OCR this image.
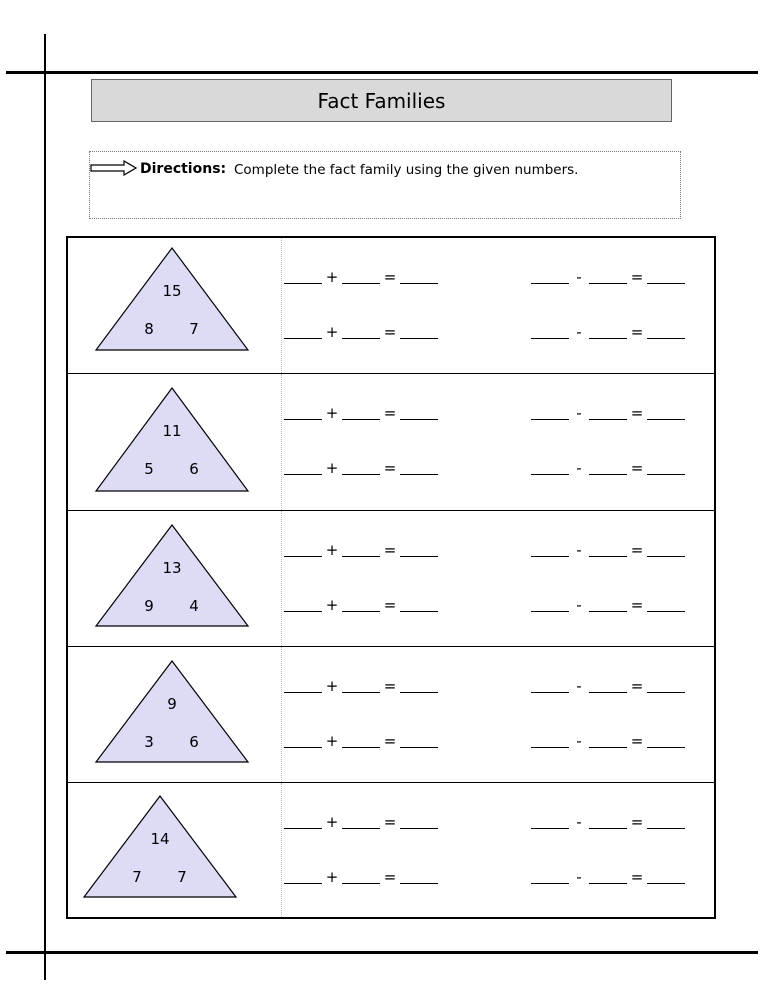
Fact Families
Directions: Complete the fact family using the given numbers.
15
8 7
+	=	-	=
+	=	-	=
11
5 6
+	=	-	=
+	=	-	=
13
9 4
+	=	-	=
+	=	-	=
9
3 6
+	=	-	=
+	=	-	=
14
7 7
+	=	-	=
+	=	-	=
